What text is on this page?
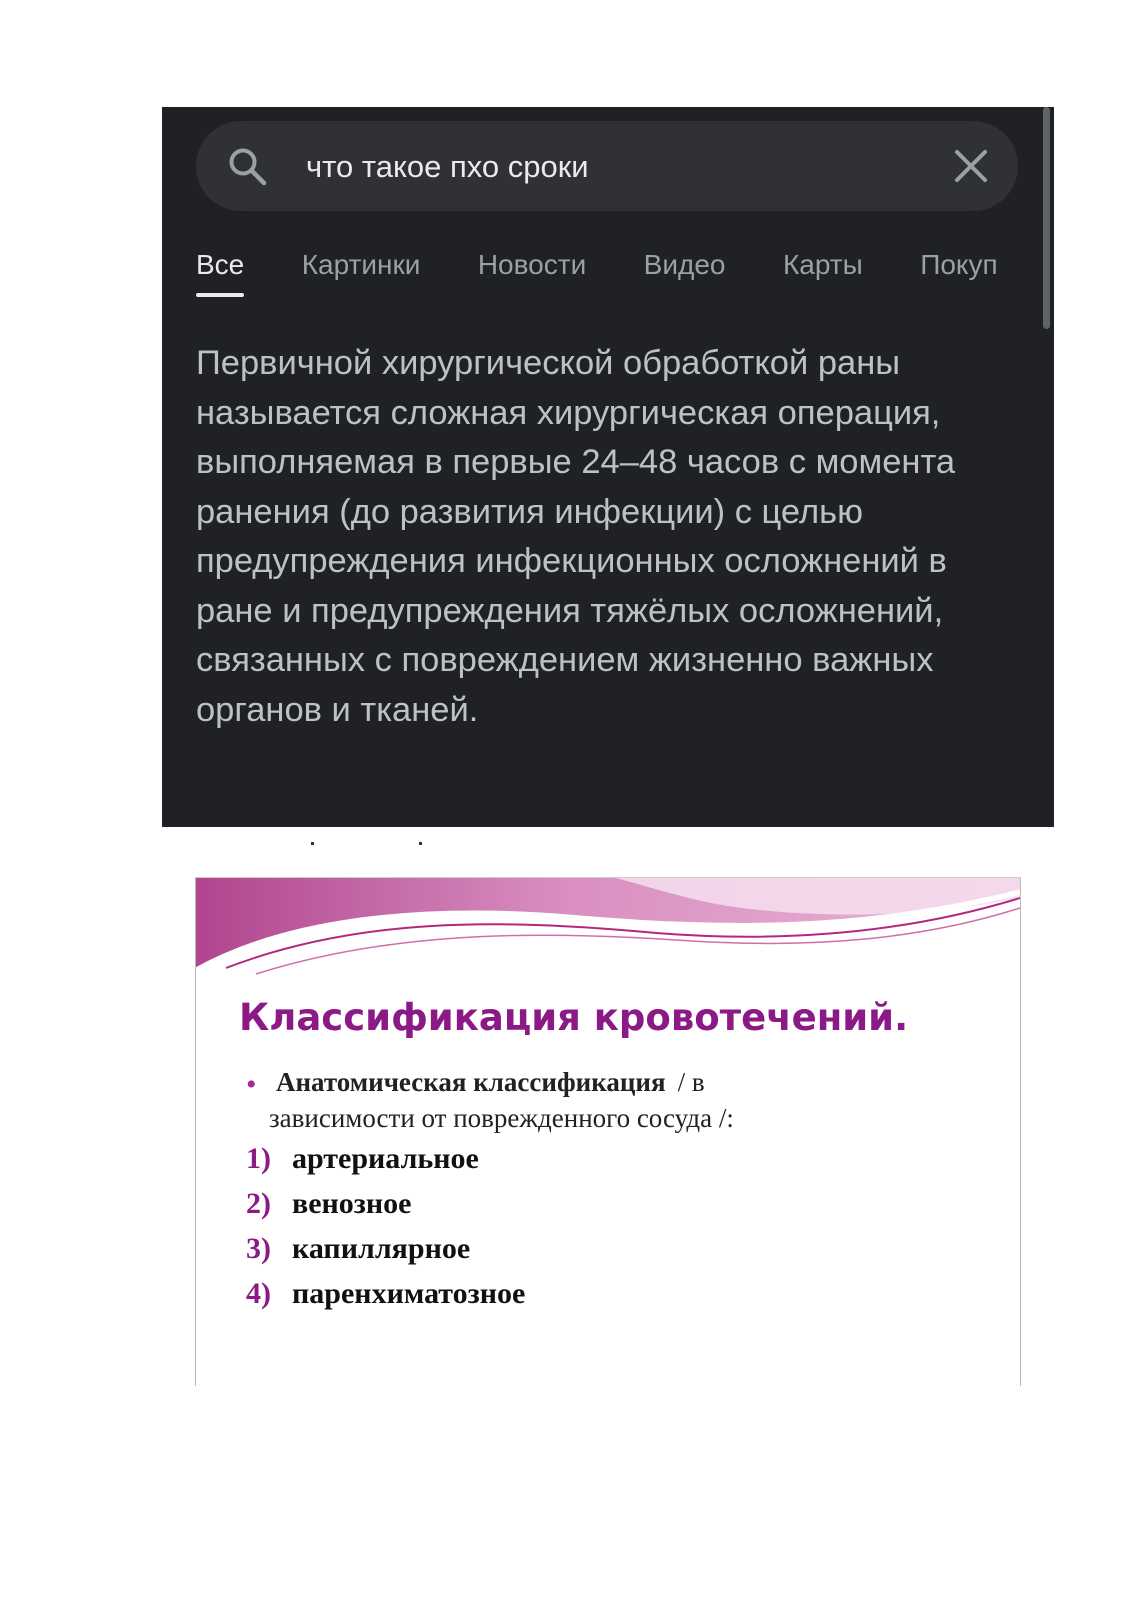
что такое пхо сроки
Все Картинки Новости Видео Карты Покуп

Первичной хирургической обработкой раны называется сложная хирургическая операция, выполняемая в первые 24–48 часов с момента ранения (до развития инфекции) с целью предупреждения инфекционных осложнений в ране и предупреждения тяжёлых осложнений, связанных с повреждением жизненно важных органов и тканей.

Классификация кровотечений.
• Анатомическая классификация / в
зависимости от поврежденного сосуда /:
1) артериальное
2) венозное
3) капиллярное
4) паренхиматозное
